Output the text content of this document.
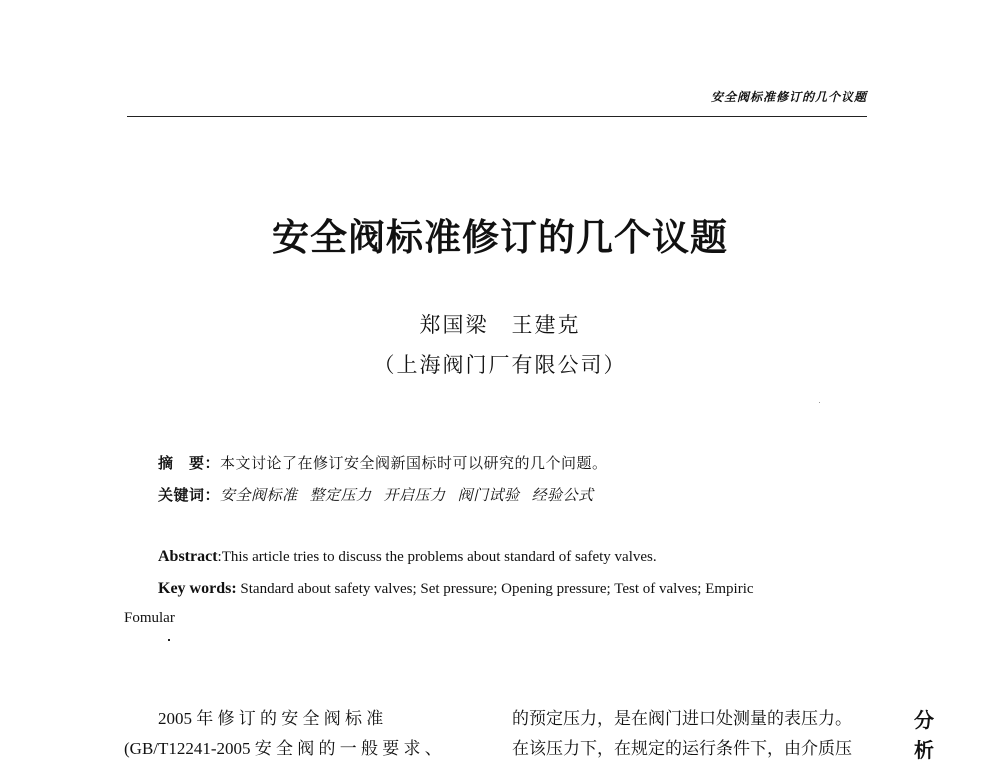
安全阀标准修订的几个议题
安全阀标准修订的几个议题
郑国梁　王建克
（上海阀门厂有限公司）
摘　要：本文讨论了在修订安全阀新国标时可以研究的几个问题。
关键词：安全阀标准 整定压力 开启压力 阀门试验 经验公式
Abstract:This article tries to discuss the problems about standard of safety valves.
Key words: Standard about safety valves; Set pressure; Opening pressure; Test of valves; Empiric
Fomular
2005 年 修 订 的 安 全 阀 标 准
(GB/T12241-2005 安 全 阀 的 一 般 要 求 、
的预定压力，是在阀门进口处测量的表压力。
在该压力下，在规定的运行条件下，由介质压
分
析
